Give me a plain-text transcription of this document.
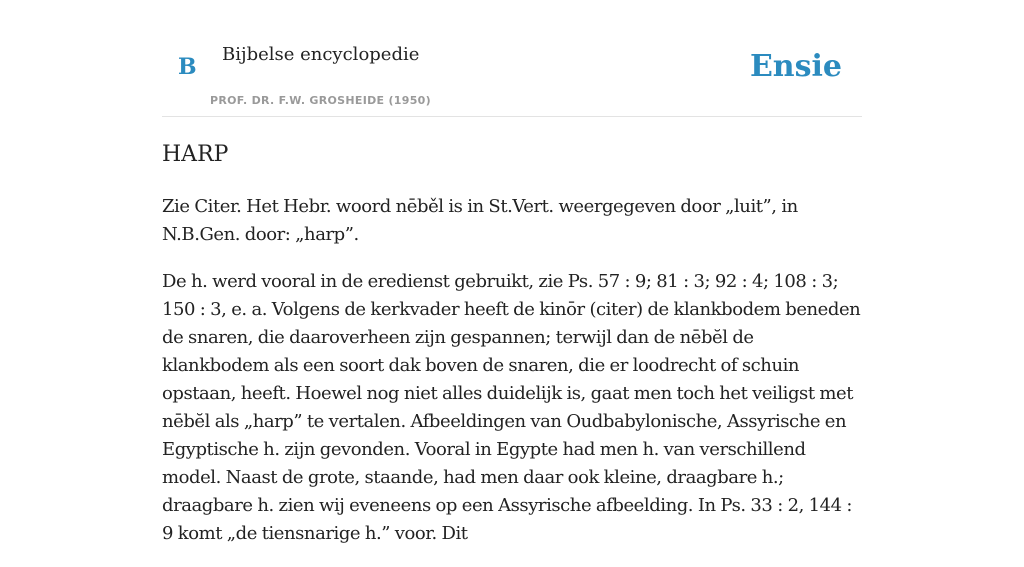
B Bijbelse encyclopedie
PROF. DR. F.W. GROSHEIDE (1950)
Ensie
HARP

Zie Citer. Het Hebr. woord nēběl is in St.Vert. weergegeven door „luit”, in N.B.Gen. door: „harp”.

De h. werd vooral in de eredienst gebruikt, zie Ps. 57 : 9; 81 : 3; 92 : 4; 108 : 3; 150 : 3, e. a. Volgens de kerkvader heeft de kinōr (citer) de klankbodem beneden de snaren, die daaroverheen zijn gespannen; terwijl dan de nēbĕl de klankbodem als een soort dak boven de snaren, die er loodrecht of schuin opstaan, heeft. Hoewel nog niet alles duidelijk is, gaat men toch het veiligst met nēbĕl als „harp” te vertalen. Afbeeldingen van Oudbabylonische, Assyrische en Egyptische h. zijn gevonden. Vooral in Egypte had men h. van verschillend model. Naast de grote, staande, had men daar ook kleine, draagbare h.; draagbare h. zien wij eveneens op een Assyrische afbeelding. In Ps. 33 : 2, 144 : 9 komt „de tiensnarige h.” voor. Dit
